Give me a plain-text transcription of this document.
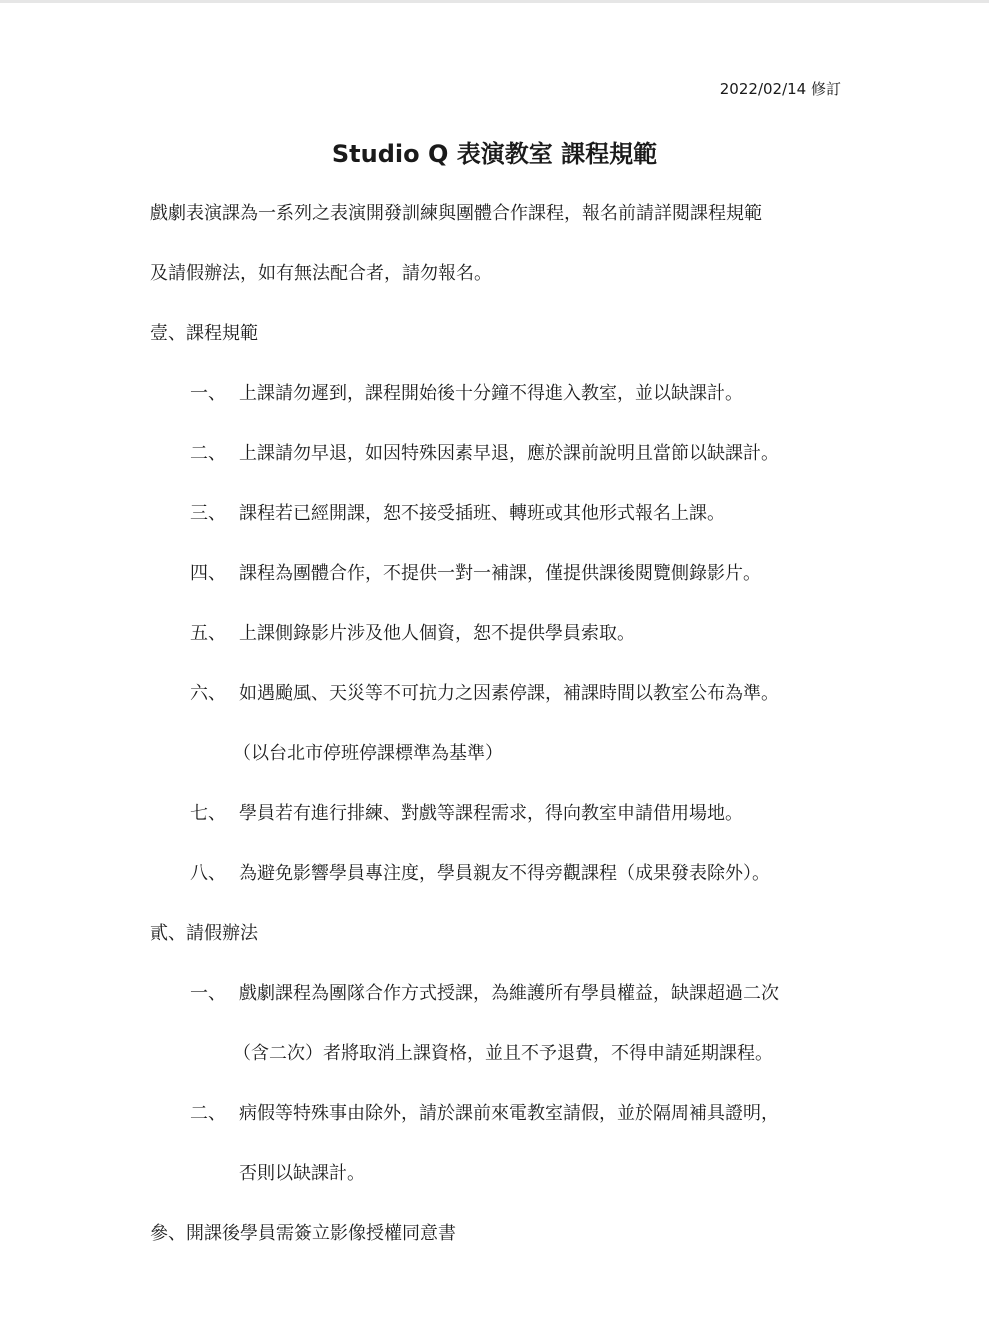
2022/02/14 修訂
Studio Q 表演教室 課程規範
戲劇表演課為一系列之表演開發訓練與團體合作課程，報名前請詳閱課程規範
及請假辦法，如有無法配合者，請勿報名。
壹、課程規範
一、 上課請勿遲到，課程開始後十分鐘不得進入教室，並以缺課計。
二、 上課請勿早退，如因特殊因素早退，應於課前說明且當節以缺課計。
三、 課程若已經開課，恕不接受插班、轉班或其他形式報名上課。
四、 課程為團體合作，不提供一對一補課，僅提供課後閱覽側錄影片。
五、 上課側錄影片涉及他人個資，恕不提供學員索取。
六、 如遇颱風、天災等不可抗力之因素停課，補課時間以教室公布為準。
（以台北市停班停課標準為基準）
七、 學員若有進行排練、對戲等課程需求，得向教室申請借用場地。
八、 為避免影響學員專注度，學員親友不得旁觀課程（成果發表除外）。
貳、請假辦法
一、 戲劇課程為團隊合作方式授課，為維護所有學員權益，缺課超過二次
（含二次）者將取消上課資格，並且不予退費，不得申請延期課程。
二、 病假等特殊事由除外，請於課前來電教室請假，並於隔周補具證明，
否則以缺課計。
參、開課後學員需簽立影像授權同意書
